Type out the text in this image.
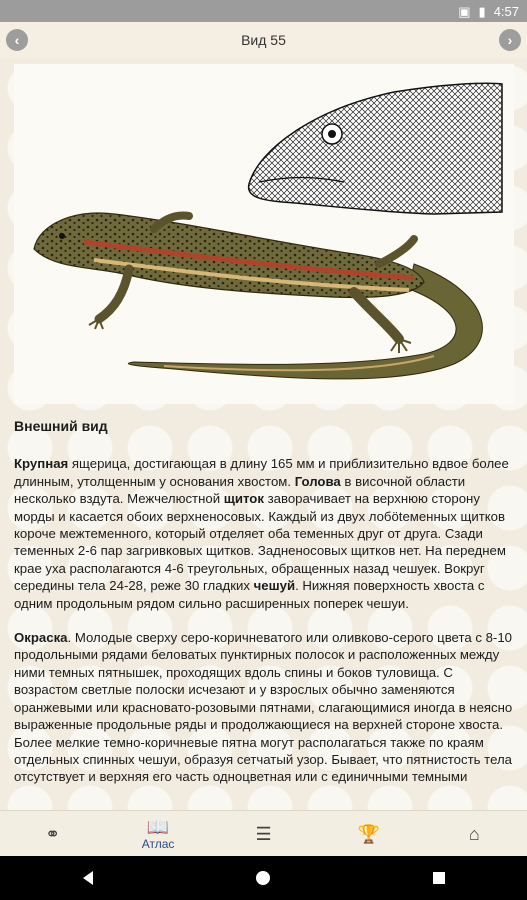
▣ ▮ 4:57
‹	Вид 55	›
Внешний вид

Крупная ящерица, достигающая в длину 165 мм и приблизительно вдвое более длинным, утолщенным у основания хвостом. Голова в височной области несколько вздута. Межчелюстной щиток заворачивает на верхнюю сторону морды и касается обоих верхненосовых. Каждый из двух лобötеменных щитков короче межтеменного, который отделяет оба теменных друг от друга. Сзади теменных 2-6 пар загривковых щитков. Задненосовых щитков нет. На переднем крае уха располагаются 4-6 треугольных, обращенных назад чешуек. Вокруг середины тела 24-28, реже 30 гладких чешуй. Нижняя поверхность хвоста с одним продольным рядом сильно расширенных поперек чешуи.

Окраска. Молодые сверху серо-коричневатого или оливково-серого цвета с 8-10 продольными рядами беловатых пунктирных полосок и расположенных между ними темных пятнышек, проходящих вдоль спины и боков туловища. С возрастом светлые полоски исчезают и у взрослых обычно заменяются оранжевыми или красновато-розовыми пятнами, слагающимися иногда в неясно выраженные продольные ряды и продолжающиеся на верхней стороне хвоста. Более мелкие темно-коричневые пятна могут располагаться также по краям отдельных спинных чешуи, образуя сетчатый узор. Бывает, что пятнистость тела отсутствует и верхняя его часть одноцветная или с единичными темными

⚭	📖
Атлас	☰	🏆	⌂
